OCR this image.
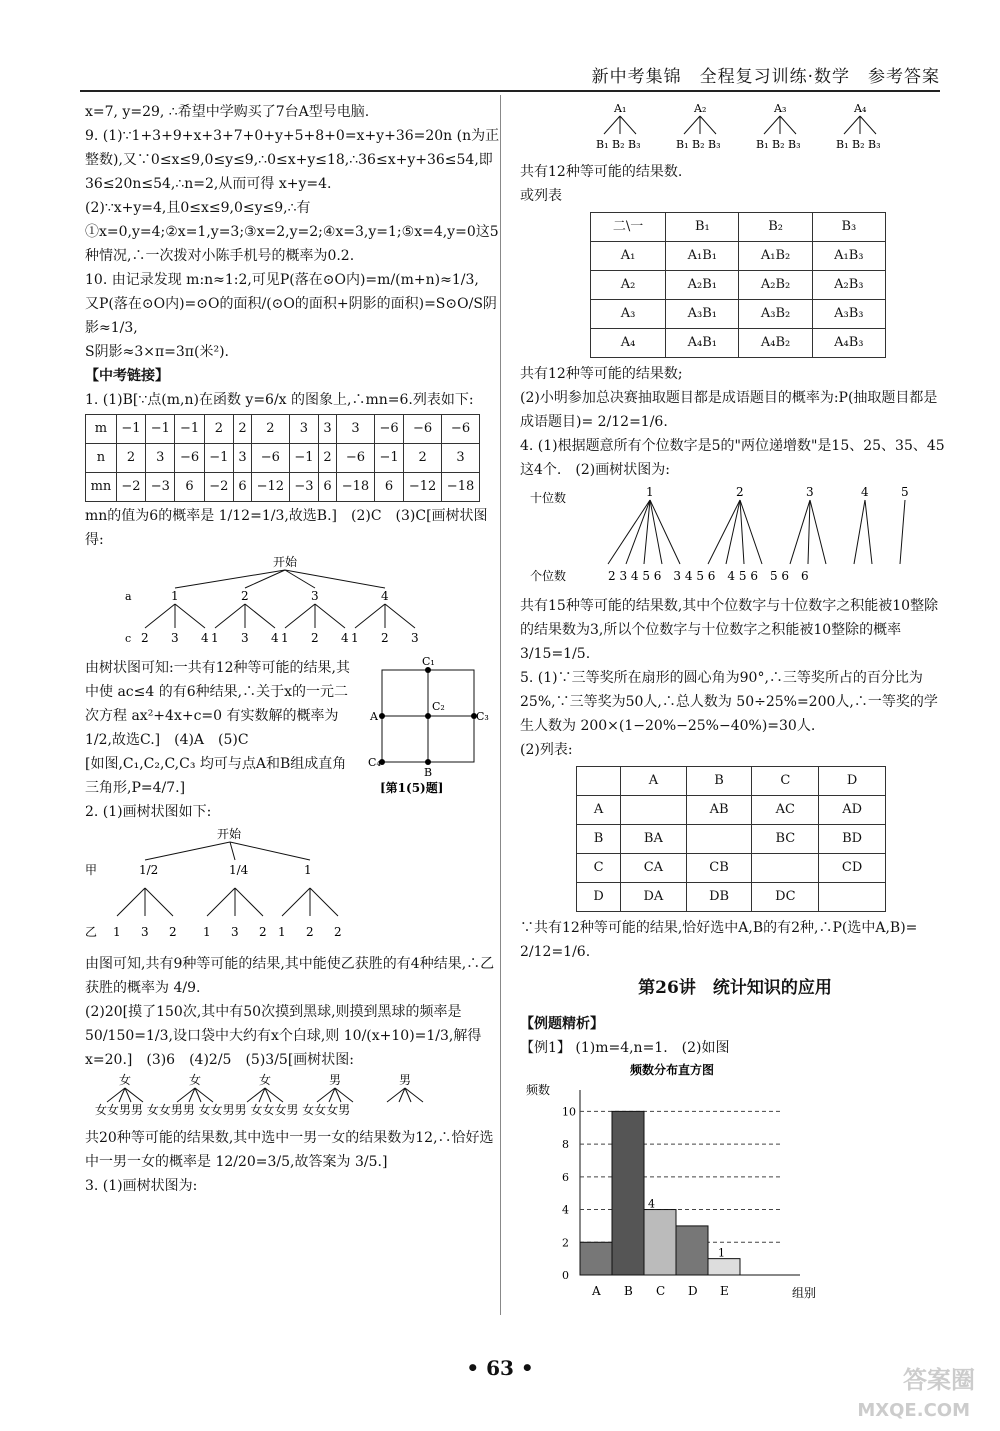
新中考集锦　全程复习训练·数学　参考答案

x=7, y=29, ∴希望中学购买了7台A型号电脑.

9. (1)∵1+3+9+x+3+7+0+y+5+8+0=x+y+36=20n (n为正整数),又∵0≤x≤9,0≤y≤9,∴0≤x+y≤18,∴36≤x+y+36≤54,即36≤20n≤54,∴n=2,从而可得 x+y=4.

(2)∵x+y=4,且0≤x≤9,0≤y≤9,∴有①x=0,y=4;②x=1,y=3;③x=2,y=2;④x=3,y=1;⑤x=4,y=0这5种情况,∴一次拨对小陈手机号的概率为0.2.

10. 由记录发现 m:n≈1:2,可见P(落在⊙O内)=m/(m+n)≈1/3,

又P(落在⊙O内)=⊙O的面积/(⊙O的面积+阴影的面积)=S⊙O/S阴影≈1/3,

S阴影≈3×π=3π(米²).

【中考链接】

1. (1)B[∵点(m,n)在函数 y=6/x 的图象上,∴mn=6.列表如下:

m	−1	−1	−1	2	2	2	3	3	3	−6	−6	−6
n	2	3	−6	−1	3	−6	−1	2	−6	−1	2	3
mn	−2	−3	6	−2	6	−12	−3	6	−18	6	−12	−18

mn的值为6的概率是 1/12=1/3,故选B.]　(2)C　(3)C[画树状图得:

开始
a
c
1
2 3 4
2
1 3 4
3
1 2 4
4
1 2 3

由树状图可知:一共有12种等可能的结果,其中使 ac≤4 的有6种结果,∴关于x的一元二次方程 ax²+4x+c=0 有实数解的概率为 1/2,故选C.]　(4)A　(5)C

[如图,C₁,C₂,C,C₃ 均可与点A和B组成直角三角形,P=4/7.]

C₁
C₂
C₃
C₄
A
B
[第1(5)题]

2. (1)画树状图如下:

开始
甲
乙
1/2
1 3 2
1/4
1 3 2
1
1 2 2

由图可知,共有9种等可能的结果,其中能使乙获胜的有4种结果,∴乙获胜的概率为 4/9.

(2)20[摸了150次,其中有50次摸到黑球,则摸到黑球的频率是 50/150=1/3,设口袋中大约有x个白球,则 10/(x+10)=1/3,解得 x=20.]　(3)6　(4)2/5　(5)3/5[画树状图:

女	女	女	男	男
女女男男 女女男男 女女男男 女女女男 女女女男

共20种等可能的结果数,其中选中一男一女的结果数为12,∴恰好选中一男一女的概率是 12/20=3/5,故答案为 3/5.]

3. (1)画树状图为:

A₁
B₁ B₂ B₃
A₂
B₁ B₂ B₃
A₃
B₁ B₂ B₃
A₄
B₁ B₂ B₃

共有12种等可能的结果数.

或列表

二\一	B₁	B₂	B₃
A₁	A₁B₁	A₁B₂	A₁B₃
A₂	A₂B₁	A₂B₂	A₂B₃
A₃	A₃B₁	A₃B₂	A₃B₃
A₄	A₄B₁	A₄B₂	A₄B₃

共有12种等可能的结果数;

(2)小明参加总决赛抽取题目都是成语题目的概率为:P(抽取题目都是成语题目)= 2/12=1/6.

4. (1)根据题意所有个位数字是5的"两位递增数"是15、25、35、45这4个.　(2)画树状图为:

十位数
个位数
1	2	3	4	5
2 3 4 5 6　3 4 5 6　4 5 6　5 6　6

共有15种等可能的结果数,其中个位数字与十位数字之积能被10整除的结果数为3,所以个位数字与十位数字之积能被10整除的概率 3/15=1/5.

5. (1)∵三等奖所在扇形的圆心角为90°,∴三等奖所占的百分比为25%,∵三等奖为50人,∴总人数为 50÷25%=200人,∴一等奖的学生人数为 200×(1−20%−25%−40%)=30人.

(2)列表:

	A	B	C	D
A		AB	AC	AD
B	BA		BC	BD
C	CA	CB		CD
D	DA	DB	DC	

∵共有12种等可能的结果,恰好选中A,B的有2种,∴P(选中A,B)= 2/12=1/6.

第26讲　统计知识的应用

【例题精析】

【例1】 (1)m=4,n=1.　(2)如图

频数分布直方图
频数
组别
0
2
4
6
8
10
A B C D E
4
1
• 63 •	答案圈
MXQE.COM
